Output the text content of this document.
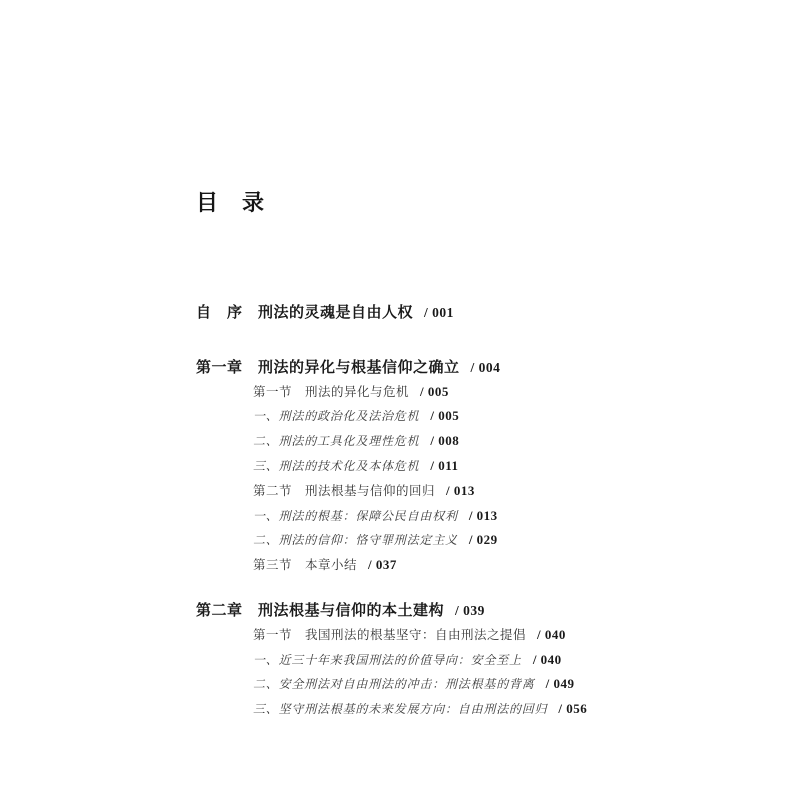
目　录
自　序　刑法的灵魂是自由人权 / 001
第一章　刑法的异化与根基信仰之确立 / 004
第一节　刑法的异化与危机 / 005
一、刑法的政治化及法治危机 / 005
二、刑法的工具化及理性危机 / 008
三、刑法的技术化及本体危机 / 011
第二节　刑法根基与信仰的回归 / 013
一、刑法的根基：保障公民自由权利 / 013
二、刑法的信仰：恪守罪刑法定主义 / 029
第三节　本章小结 / 037
第二章　刑法根基与信仰的本土建构 / 039
第一节　我国刑法的根基坚守：自由刑法之提倡 / 040
一、近三十年来我国刑法的价值导向：安全至上 / 040
二、安全刑法对自由刑法的冲击：刑法根基的背离 / 049
三、坚守刑法根基的未来发展方向：自由刑法的回归 / 056
